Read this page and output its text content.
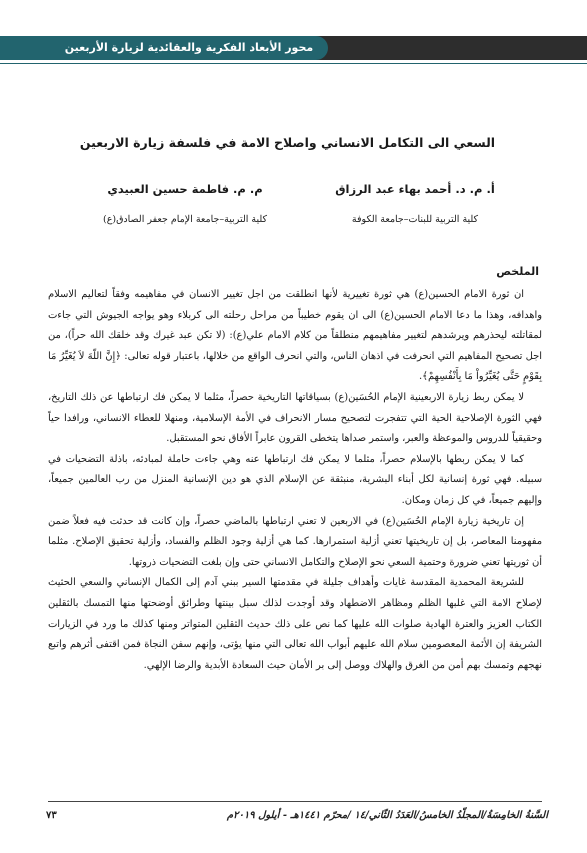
محور الأبعاد الفكرية والعقائدية لزيارة الأربعين
السعي الى التكامل الانساني واصلاح الامة في فلسفة زيارة الاربعين
أ. م. د. أحمد بهاء عبد الرزاق
كلية التربية للبنات–جامعة الكوفة
م. م. فاطمة حسين العبيدي
كلية التربية–جامعة الإمام جعفر الصادق(ع)
الملخص

ان ثورة الامام الحسين(ع) هي ثورة تغييرية لأنها انطلقت من اجل تغيير الانسان في مفاهيمه وفقاً لتعاليم الاسلام واهدافه، وهذا ما دعا الامام الحسين(ع) الى ان يقوم خطيباً من مراحل رحلته الى كربلاء وهو يواجه الجيوش التي جاءت لمقاتلته ليحذرهم ويرشدهم لتغيير مفاهيمهم منطلقاً من كلام الامام علي(ع): (لا تكن عبد غيرك وقد خلقك الله حراً)، من اجل تصحيح المفاهيم التي انحرفت في اذهان الناس، والتي انحرف الواقع من خلالها، باعتبار قوله تعالى: ﴿إِنَّ اللّهَ لاَ يُغَيِّرُ مَا بِقَوْمٍ حَتَّى يُغَيِّرُواْ مَا بِأَنْفُسِهِمْ﴾.

لا يمكن ربط زيارة الاربعينية الإمام الحُسَين(ع) بسياقاتها التاريخية حصراً، مثلما لا يمكن فك ارتباطها عن ذلك التاريخ، فهي الثورة الإصلاحية الحية التي تتفجرت لتصحيح مسار الانحراف في الأمة الإسلامية، ومنهلا للعطاء الانساني، ورافدا حياً وحقيقياً للدروس والموعظة والعبر، واستمر صداها يتخطى القرون عابراً الأفاق نحو المستقبل.

كما لا يمكن ربطها بالإسلام حصراً، مثلما لا يمكن فك ارتباطها عنه وهي جاءت حاملة لمبادئه، باذلة التضحيات في سبيله. فهي ثورة إنسانية لكل أبناء البشرية، منبثقة عن الإسلام الذي هو دين الإنسانية المنزل من رب العالمين جميعاً، وإليهم جميعاً، في كل زمان ومكان.

إن تاريخية زيارة الإمام الحُسَين(ع) في الاربعين لا تعني ارتباطها بالماضي حصراً، وإن كانت قد حدثت فيه فعلاً ضمن مفهومنا المعاصر، بل إن تاريخيتها تعني أزلية استمرارها. كما هي أزلية وجود الظلم والفساد، وأزلية تحقيق الإصلاح. مثلما أن ثوريتها تعني ضرورة وحتمية السعي نحو الإصلاح والتكامل الانساني حتى وإن بلغت التضحيات ذروتها.

للشريعة المحمدية المقدسة غايات وأهداف جليلة في مقدمتها السير ببني آدم إلى الكمال الإنساني والسعي الحثيث لإصلاح الامة التي غلبها الظلم ومظاهر الاضطهاد وقد أوجدت لذلك سبل بينتها وطرائق أوضحتها منها التمسك بالثقلين الكتاب العزيز والعترة الهادية صلوات الله عليها كما نص على ذلك حديث الثقلين المتواتر ومنها كذلك ما ورد في الزيارات الشريفة إن الأئمة المعصومين سلام الله عليهم أبواب الله تعالى التي منها يؤتى، وإنهم سفن النجاة فمن اقتفى أثرهم واتبع نهجهم وتمسك بهم أمن من الغرق والهلاك ووصل إلى بر الأمان حيث السعادة الأبدية والرضا الإلهي.

السَّنةُ الخامِسَةُ/المجلّدُ الخامسُ/العَدَدُ الثّاني/١٤ /محرّم ١٤٤١هـ - أيلول ٢٠١٩م
٧٣
